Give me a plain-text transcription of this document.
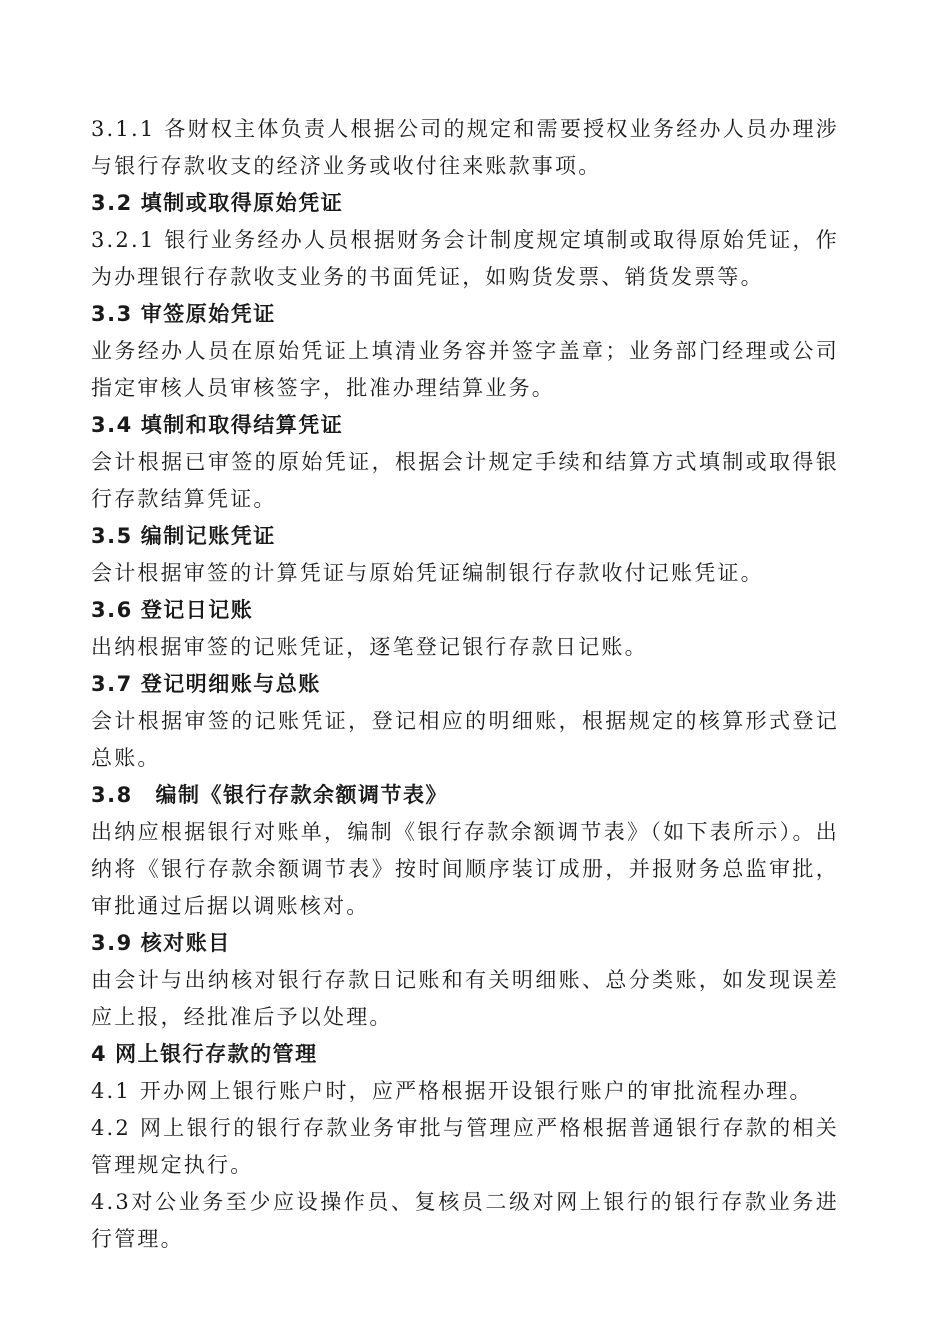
3.1.1 各财权主体负责人根据公司的规定和需要授权业务经办人员办理涉与银行存款收支的经济业务或收付往来账款事项。

3.2 填制或取得原始凭证

3.2.1 银行业务经办人员根据财务会计制度规定填制或取得原始凭证，作为办理银行存款收支业务的书面凭证，如购货发票、销货发票等。

3.3 审签原始凭证

业务经办人员在原始凭证上填清业务容并签字盖章；业务部门经理或公司指定审核人员审核签字，批准办理结算业务。

3.4 填制和取得结算凭证

会计根据已审签的原始凭证，根据会计规定手续和结算方式填制或取得银行存款结算凭证。

3.5 编制记账凭证

会计根据审签的计算凭证与原始凭证编制银行存款收付记账凭证。

3.6 登记日记账

出纳根据审签的记账凭证，逐笔登记银行存款日记账。

3.7 登记明细账与总账

会计根据审签的记账凭证，登记相应的明细账，根据规定的核算形式登记总账。

3.8 编制《银行存款余额调节表》

出纳应根据银行对账单，编制《银行存款余额调节表》（如下表所示）。出纳将《银行存款余额调节表》按时间顺序装订成册，并报财务总监审批，审批通过后据以调账核对。

3.9 核对账目

由会计与出纳核对银行存款日记账和有关明细账、总分类账，如发现误差应上报，经批准后予以处理。

4 网上银行存款的管理

4.1 开办网上银行账户时，应严格根据开设银行账户的审批流程办理。

4.2 网上银行的银行存款业务审批与管理应严格根据普通银行存款的相关管理规定执行。

4.3对公业务至少应设操作员、复核员二级对网上银行的银行存款业务进行管理。
